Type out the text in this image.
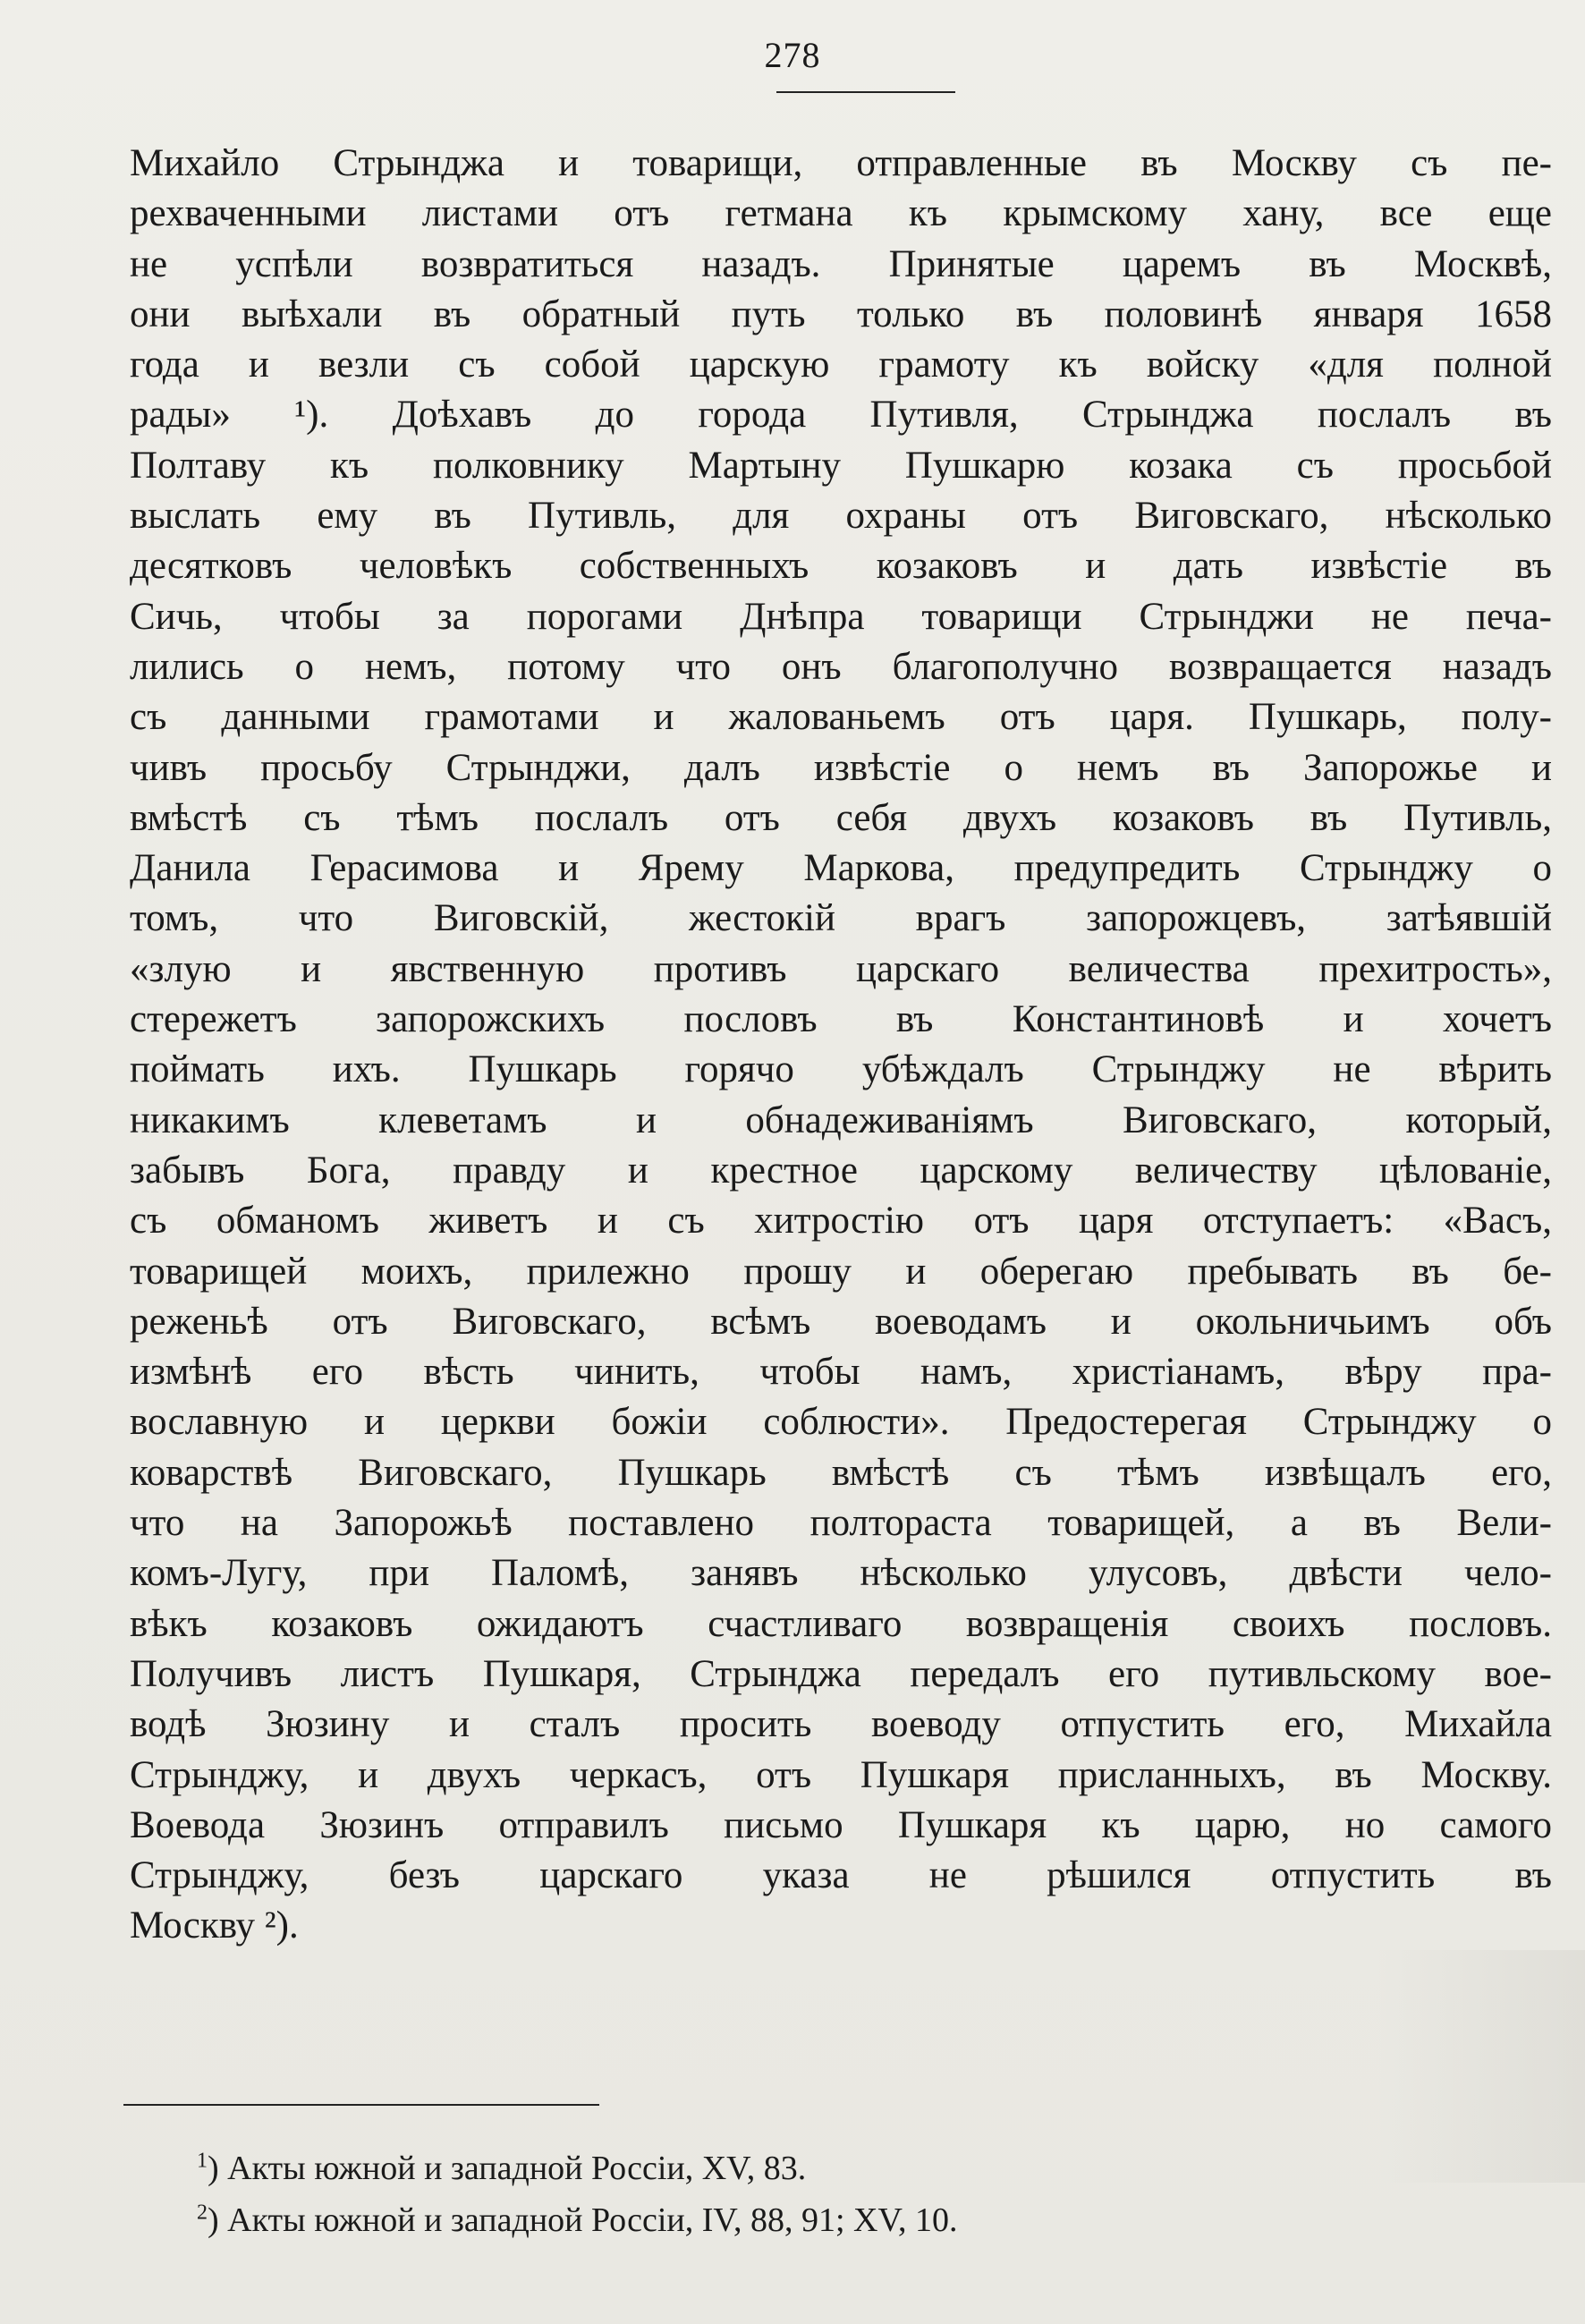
278
Михайло Стрынджа и товарищи, отправленные въ Москву съ пе-
рехваченными листами отъ гетмана къ крымскому хану, все еще
не успѣли возвратиться назадъ. Принятые царемъ въ Москвѣ,
они выѣхали въ обратный путь только въ половинѣ января 1658
года и везли съ собой царскую грамоту къ войску «для полной
рады» ¹). Доѣхавъ до города Путивля, Стрынджа послалъ въ
Полтаву къ полковнику Мартыну Пушкарю козака съ просьбой
выслать ему въ Путивль, для охраны отъ Виговскаго, нѣсколько
десятковъ человѣкъ собственныхъ козаковъ и дать извѣстіе въ
Сичь, чтобы за порогами Днѣпра товарищи Стрынджи не печа-
лились о немъ, потому что онъ благополучно возвращается назадъ
съ данными грамотами и жалованьемъ отъ царя. Пушкарь, полу-
чивъ просьбу Стрынджи, далъ извѣстіе о немъ въ Запорожье и
вмѣстѣ съ тѣмъ послалъ отъ себя двухъ козаковъ въ Путивль,
Данила Герасимова и Ярему Маркова, предупредить Стрынджу о
томъ, что Виговскій, жестокій врагъ запорожцевъ, затѣявшій
«злую и явственную противъ царскаго величества прехитрость»,
стережетъ запорожскихъ пословъ въ Константиновѣ и хочетъ
поймать ихъ. Пушкарь горячо убѣждалъ Стрынджу не вѣрить
никакимъ клеветамъ и обнадеживаніямъ Виговскаго, который,
забывъ Бога, правду и крестное царскому величеству цѣлованіе,
съ обманомъ живетъ и съ хитростію отъ царя отступаетъ: «Васъ,
товарищей моихъ, прилежно прошу и оберегаю пребывать въ бе-
реженьѣ отъ Виговскаго, всѣмъ воеводамъ и окольничьимъ объ
измѣнѣ его вѣсть чинить, чтобы намъ, христіанамъ, вѣру пра-
вославную и церкви божіи соблюсти». Предостерегая Стрынджу о
коварствѣ Виговскаго, Пушкарь вмѣстѣ съ тѣмъ извѣщалъ его,
что на Запорожьѣ поставлено полтораста товарищей, а въ Вели-
комъ-Лугу, при Паломѣ, занявъ нѣсколько улусовъ, двѣсти чело-
вѣкъ козаковъ ожидаютъ счастливаго возвращенія своихъ пословъ.
Получивъ листъ Пушкаря, Стрынджа передалъ его путивльскому вое-
водѣ Зюзину и сталъ просить воеводу отпустить его, Михайла
Стрынджу, и двухъ черкасъ, отъ Пушкаря присланныхъ, въ Москву.
Воевода Зюзинъ отправилъ письмо Пушкаря къ царю, но самого
Стрынджу, безъ царскаго указа не рѣшился отпустить въ
Москву ²).
$^1$) Акты южной и западной Россіи, XV, 83.
$^2$) Акты южной и западной Россіи, IV, 88, 91; XV, 10.
